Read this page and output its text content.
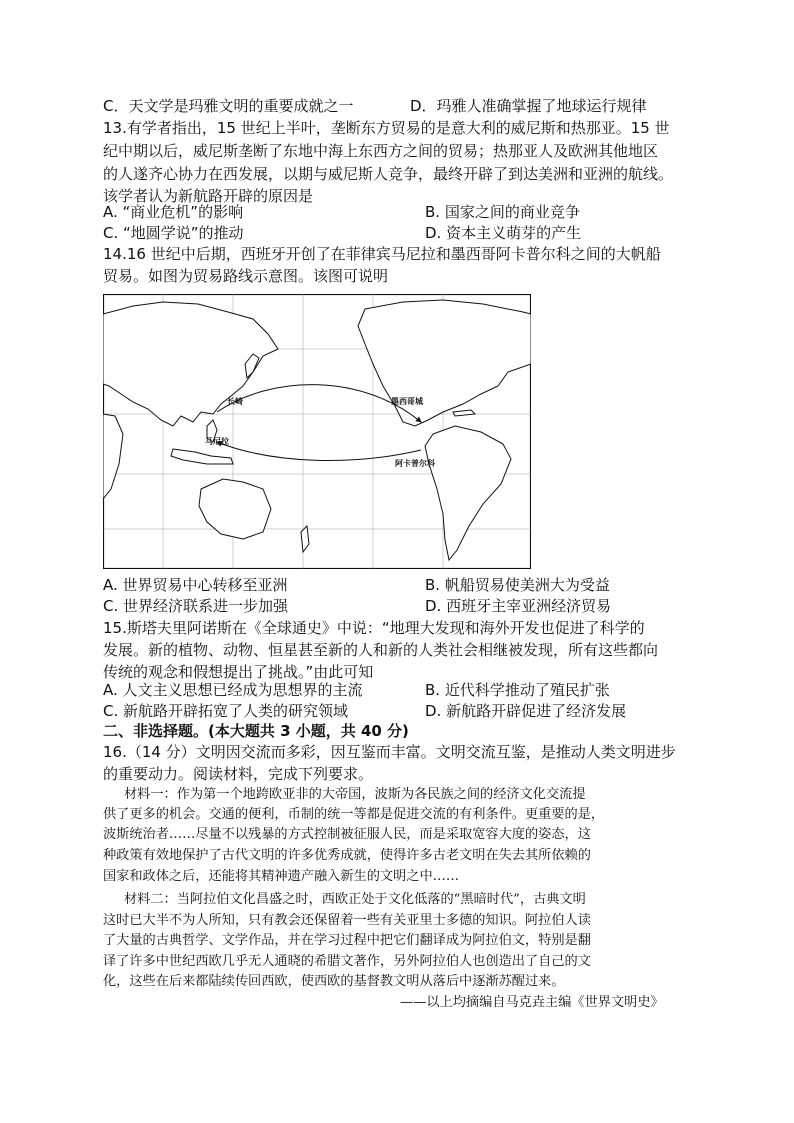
C．天文学是玛雅文明的重要成就之一	D．玛雅人准确掌握了地球运行规律
13.有学者指出，15 世纪上半叶，垄断东方贸易的是意大利的威尼斯和热那亚。15 世
纪中期以后，威尼斯垄断了东地中海上东西方之间的贸易；热那亚人及欧洲其他地区
的人遂齐心协力在西发展，以期与威尼斯人竞争，最终开辟了到达美洲和亚洲的航线。
该学者认为新航路开辟的原因是
A. “商业危机”的影响	B. 国家之间的商业竞争
C. “地圆学说”的推动	D. 资本主义萌芽的产生
14.16 世纪中后期，西班牙开创了在菲律宾马尼拉和墨西哥阿卡普尔科之间的大帆船
贸易。如图为贸易路线示意图。该图可说明
长崎
马尼拉
墨西哥城
阿卡普尔科
A. 世界贸易中心转移至亚洲	B. 帆船贸易使美洲大为受益
C. 世界经济联系进一步加强	D. 西班牙主宰亚洲经济贸易
15.斯塔夫里阿诺斯在《全球通史》中说：“地理大发现和海外开发也促进了科学的
发展。新的植物、动物、恒星甚至新的人和新的人类社会相继被发现，所有这些都向
传统的观念和假想提出了挑战。”由此可知
A. 人文主义思想已经成为思想界的主流	B. 近代科学推动了殖民扩张
C. 新航路开辟拓宽了人类的研究领域	D. 新航路开辟促进了经济发展
二、非选择题。(本大题共 3 小题，共 40 分)
16.（14 分）文明因交流而多彩，因互鉴而丰富。文明交流互鉴，是推动人类文明进步
的重要动力。阅读材料，完成下列要求。
材料一：作为第一个地跨欧亚非的大帝国，波斯为各民族之间的经济文化交流提
供了更多的机会。交通的便利，币制的统一等都是促进交流的有利条件。更重要的是，
波斯统治者……尽量不以残暴的方式控制被征服人民，而是采取宽容大度的姿态，这
种政策有效地保护了古代文明的许多优秀成就，使得许多古老文明在失去其所依赖的
国家和政体之后，还能将其精神遗产融入新生的文明之中……
材料二：当阿拉伯文化昌盛之时，西欧正处于文化低落的“黑暗时代”，古典文明
这时已大半不为人所知，只有教会还保留着一些有关亚里士多德的知识。阿拉伯人读
了大量的古典哲学、文学作品，并在学习过程中把它们翻译成为阿拉伯文，特别是翻
译了许多中世纪西欧几乎无人通晓的希腊文著作，另外阿拉伯人也创造出了自己的文
化，这些在后来都陆续传回西欧，使西欧的基督教文明从落后中逐渐苏醒过来。
——以上均摘编自马克垚主编《世界文明史》
